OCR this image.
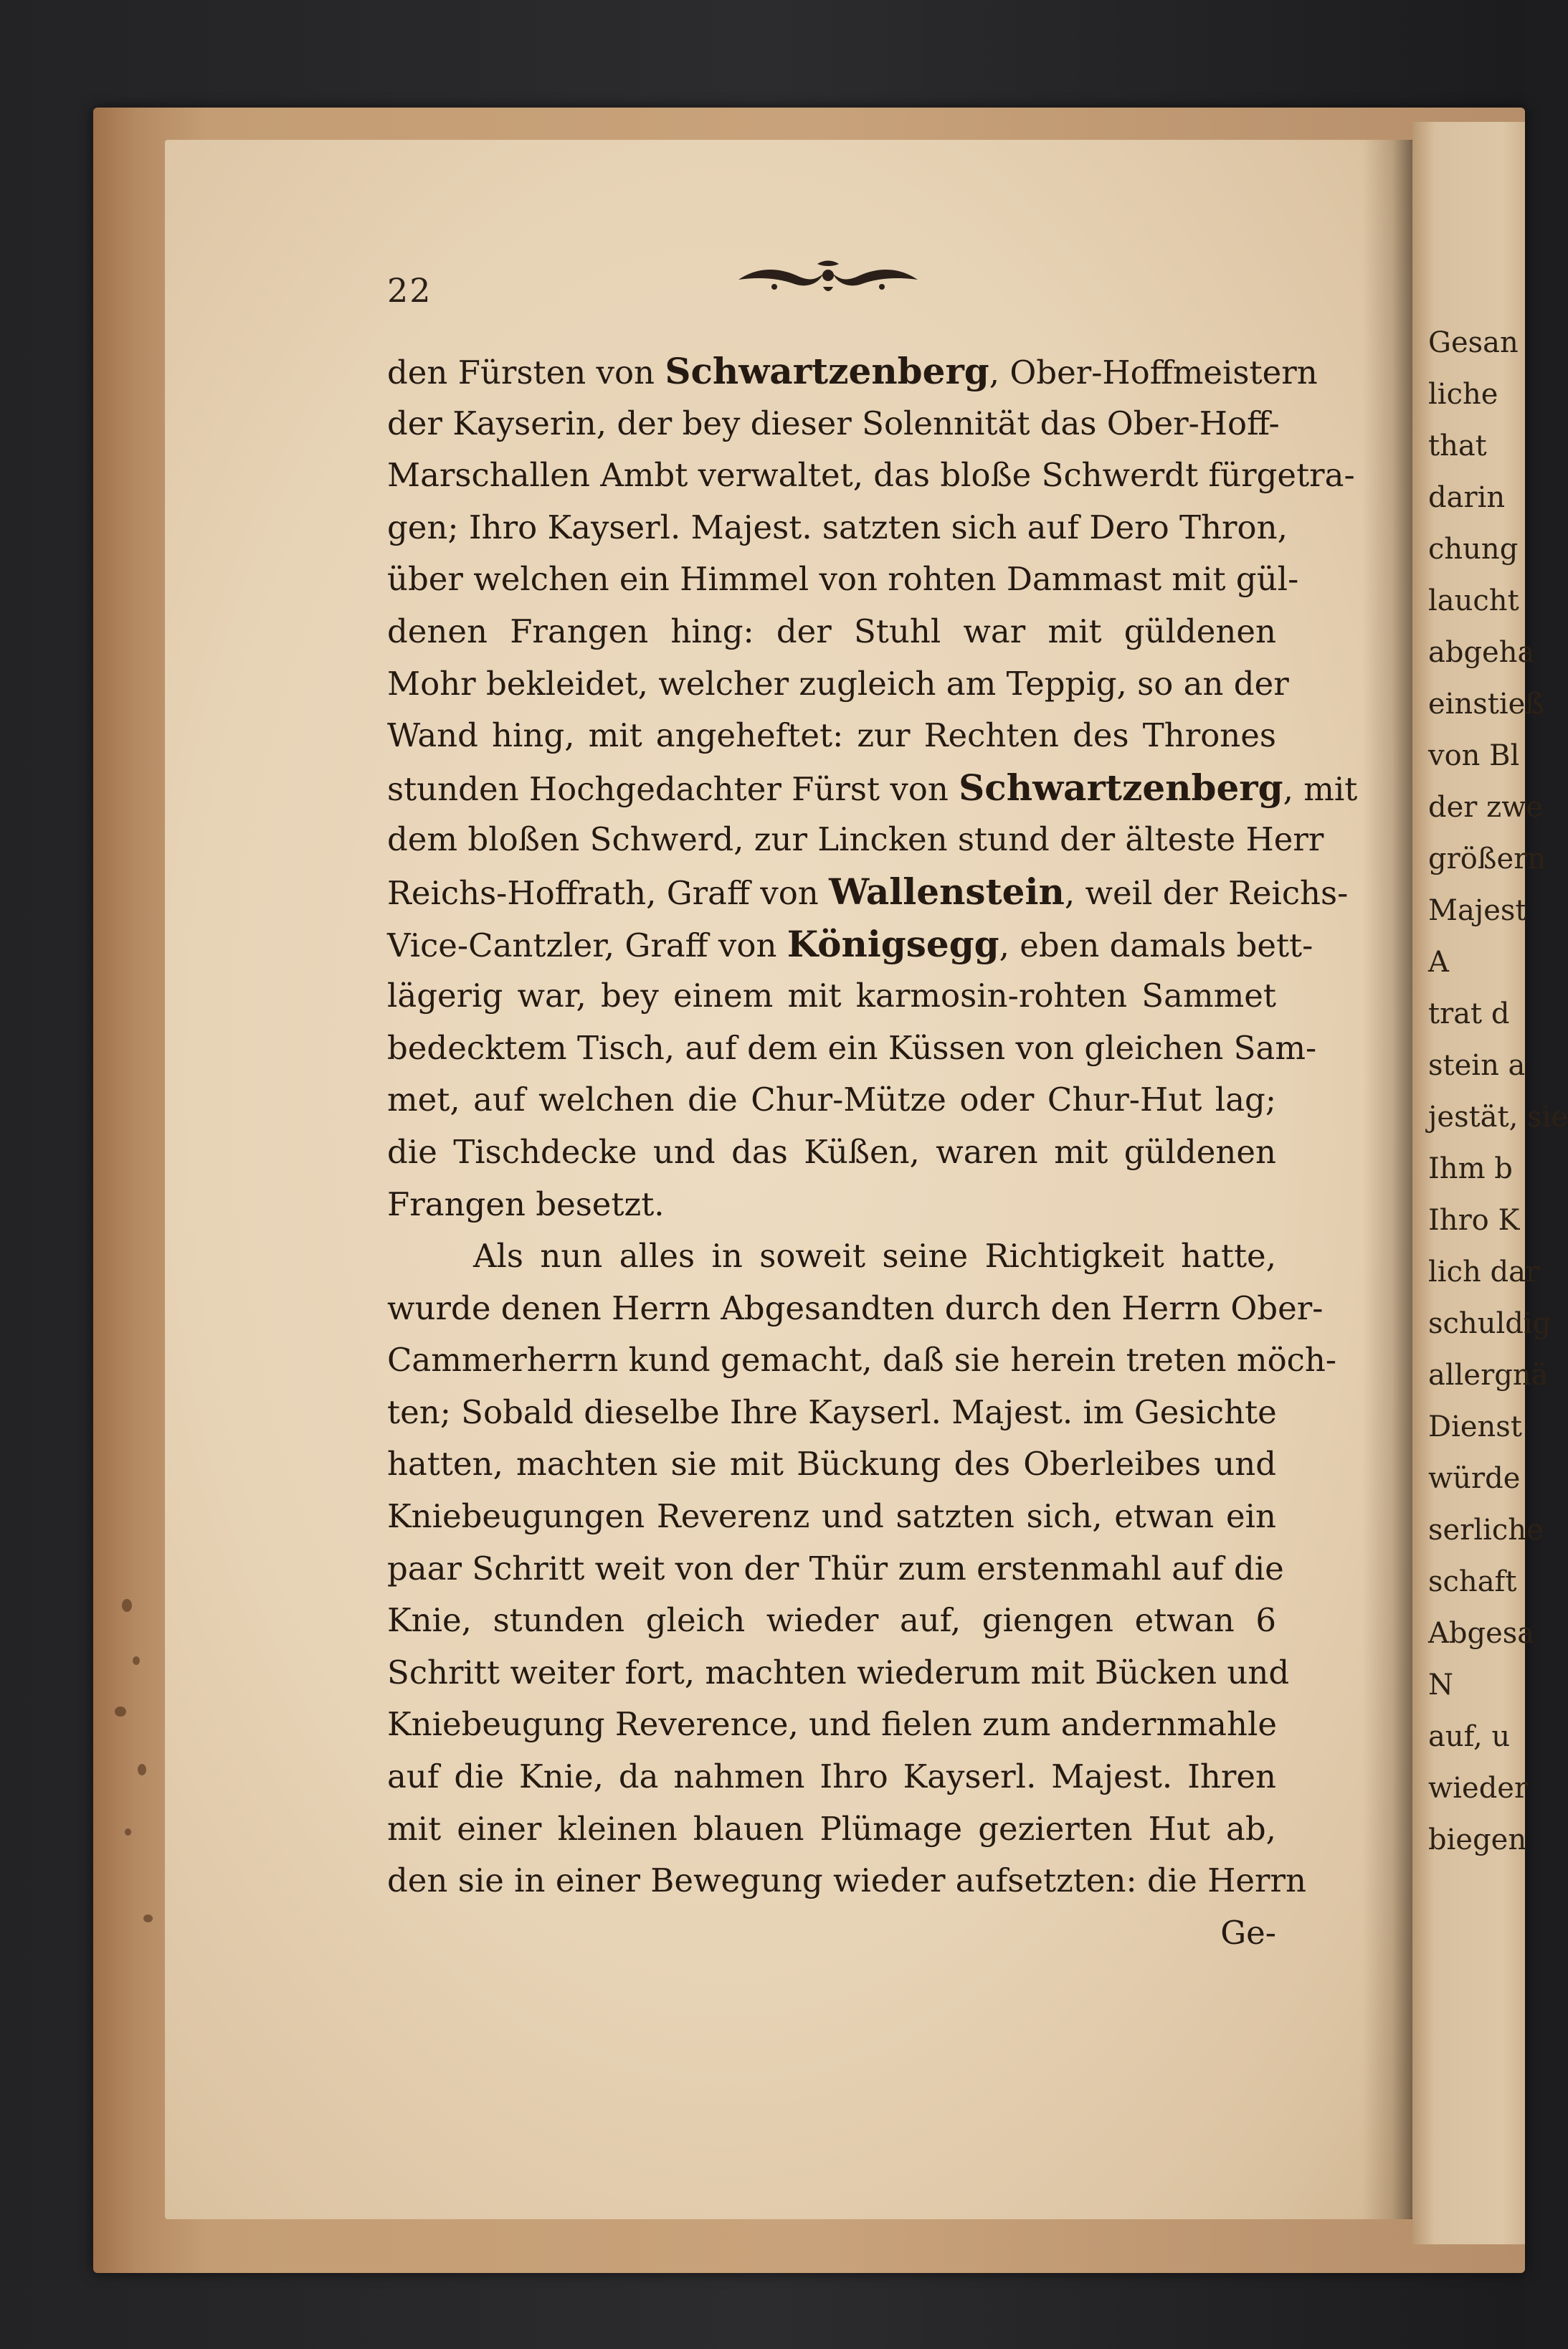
Gesan
liche
that
darin
chung
laucht
abgeha
einstieß
von Bl
der zwe
größern
Majest
A
trat d
stein a
jestät, sie
Ihm b
Ihro K
lich dar
schuldig
allergnä
Dienst
würde
serliche
schaft
Abgesa
N
auf, u
wieder
biegen
22
den Fürsten von Schwartzenberg, Ober-Hoffmeistern
der Kayserin, der bey dieser Solennität das Ober-Hoff-
Marschallen Ambt verwaltet, das bloße Schwerdt fürgetra-
gen; Ihro Kayserl. Majest. satzten sich auf Dero Thron,
über welchen ein Himmel von rohten Dammast mit gül-
denen Frangen hing: der Stuhl war mit güldenen
Mohr bekleidet, welcher zugleich am Teppig, so an der
Wand hing, mit angeheftet: zur Rechten des Thrones
stunden Hochgedachter Fürst von Schwartzenberg
dem bloßen Schwerd, zur Lincken stund der älteste Herr
Reichs-Hoffrath, Graff von Wallenstein, weil der Reichs-
Vice-Cantzler, Graff von Königsegg, eben damals bett-
lägerig war, bey einem mit karmosin-rohten Sammet
bedecktem Tisch, auf dem ein Küssen von gleichen Sam-
met, auf welchen die Chur-Mütze oder Chur-Hut lag;
die Tischdecke und das Küßen, waren mit güldenen
Frangen besetzt.
Als nun alles in soweit seine Richtigkeit hatte,
wurde denen Herrn Abgesandten durch den Herrn Ober-
Cammerherrn kund gemacht, daß sie herein treten möch-
ten; Sobald dieselbe Ihre Kayserl. Majest. im Gesichte
hatten, machten sie mit Bückung des Oberleibes und
Kniebeugungen Reverenz und satzten sich, etwan ein
paar Schritt weit von der Thür zum erstenmahl auf die
Knie, stunden gleich wieder auf, giengen etwan 6
Schritt weiter fort, machten wiederum mit Bücken und
Kniebeugung Reverence, und fielen zum andernmahle
auf die Knie, da nahmen Ihro Kayserl. Majest. Ihren
mit einer kleinen blauen Plümage gezierten Hut ab,
den sie in einer Bewegung wieder aufsetzten: die Herrn
Ge-
